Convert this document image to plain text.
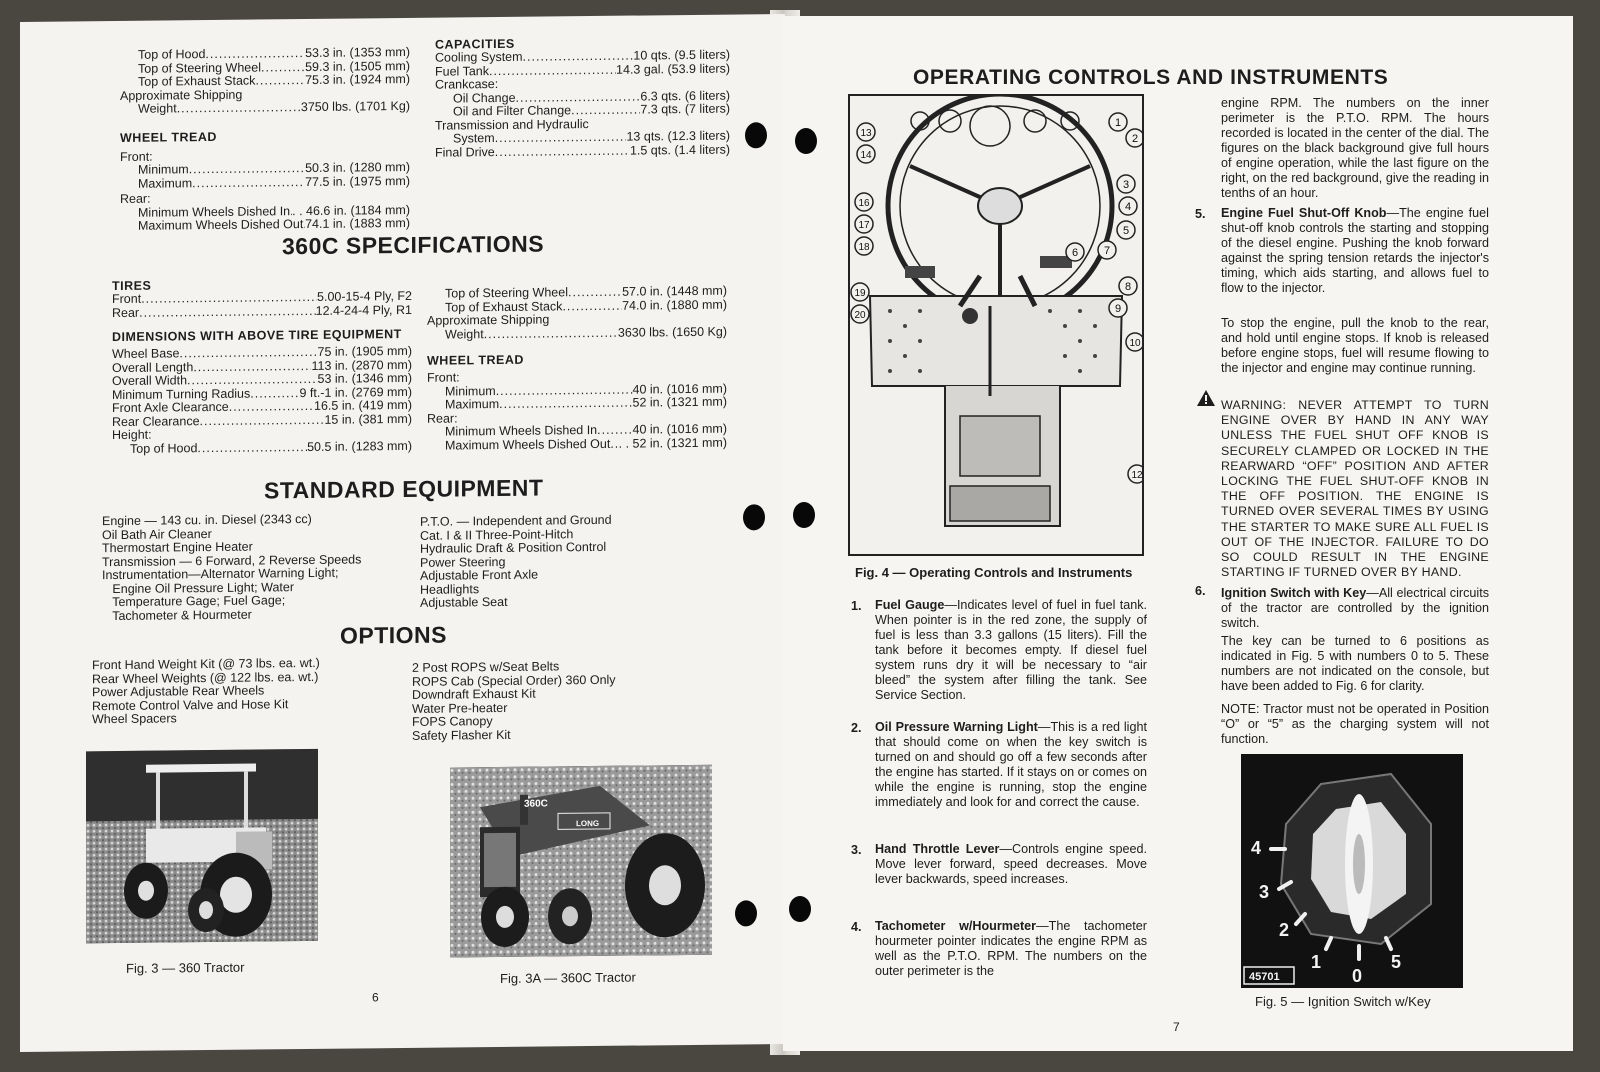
Top of Hood .....	53.3 in. (1353 mm)
Top of Steering Wheel .....	59.3 in. (1505 mm)
Top of Exhaust Stack .....	75.3 in. (1924 mm)
Approximate Shipping
Weight .....	3750 lbs. (1701 Kg)
WHEEL TREAD
Front:
Minimum .....	50.3 in. (1280 mm)
Maximum .....	77.5 in. (1975 mm)
Rear:
Minimum Wheels Dished In ..... . . 46.6 in. (1184 mm)
Maximum Wheels Dished Out ..... 74.1 in. (1883 mm)
CAPACITIES
Cooling System .....	10 qts. (9.5 liters)
Fuel Tank .....	14.3 gal. (53.9 liters)
Crankcase:
Oil Change .....	6.3 qts. (6 liters)
Oil and Filter Change .....	7.3 qts. (7 liters)
Transmission and Hydraulic
System .....	13 qts. (12.3 liters)
Final Drive .....	1.5 qts. (1.4 liters)
360C SPECIFICATIONS
TIRES
Front .....	5.00-15-4 Ply, F2
Rear .....	12.4-24-4 Ply, R1
DIMENSIONS WITH ABOVE TIRE EQUIPMENT
Wheel Base .....	75 in. (1905 mm)
Overall Length .....	113 in. (2870 mm)
Overall Width .....	53 in. (1346 mm)
Minimum Turning Radius .....	9 ft.-1 in. (2769 mm)
Front Axle Clearance .....	16.5 in. (419 mm)
Rear Clearance .....	15 in. (381 mm)
Height:
Top of Hood .....	50.5 in. (1283 mm)
Top of Steering Wheel .....	57.0 in. (1448 mm)
Top of Exhaust Stack .....	74.0 in. (1880 mm)
Approximate Shipping
Weight .....	3630 lbs. (1650 Kg)
WHEEL TREAD
Front:
Minimum .....	40 in. (1016 mm)
Maximum .....	52 in. (1321 mm)
Rear:
Minimum Wheels Dished In .....	40 in. (1016 mm)
Maximum Wheels Dished Out ..... . . 52 in. (1321 mm)
STANDARD EQUIPMENT
Engine — 143 cu. in. Diesel (2343 cc)
Oil Bath Air Cleaner
Thermostart Engine Heater
Transmission — 6 Forward, 2 Reverse Speeds
Instrumentation—Alternator Warning Light;
Engine Oil Pressure Light; Water
Temperature Gage; Fuel Gage;
Tachometer & Hourmeter
P.T.O. — Independent and Ground
Cat. I & II Three-Point-Hitch
Hydraulic Draft & Position Control
Power Steering
Adjustable Front Axle
Headlights
Adjustable Seat
OPTIONS
Front Hand Weight Kit (@ 73 lbs. ea. wt.)
Rear Wheel Weights (@ 122 lbs. ea. wt.)
Power Adjustable Rear Wheels
Remote Control Valve and Hose Kit
Wheel Spacers
2 Post ROPS w/Seat Belts
ROPS Cab (Special Order) 360 Only
Downdraft Exhaust Kit
Water Pre-heater
FOPS Canopy
Safety Flasher Kit
Fig. 3 — 360 Tractor
360C
LONG
Fig. 3A — 360C Tractor
6
OPERATING CONTROLS AND INSTRUMENTS
1
2
3
4
5
6 7
8
9
10
12
13
14
16
17
18
19
20
Fig. 4 — Operating Controls and Instruments
1. Fuel Gauge—Indicates level of fuel in fuel tank. When pointer is in the red zone, the supply of fuel is less than 3.3 gallons (15 liters). Fill the tank before it becomes empty. If diesel fuel system runs dry it will be necessary to “air bleed” the system after filling the tank. See Service Section.
2. Oil Pressure Warning Light—This is a red light that should come on when the key switch is turned on and should go off a few seconds after the engine has started. If it stays on or comes on while the engine is running, stop the engine immediately and look for and correct the cause.
3. Hand Throttle Lever—Controls engine speed. Move lever forward, speed decreases. Move lever backwards, speed increases.
4. Tachometer w/Hourmeter—The tachometer hourmeter pointer indicates the engine RPM as well as the P.T.O. RPM. The numbers on the outer perimeter is the
engine RPM. The numbers on the inner perimeter is the P.T.O. RPM. The hours recorded is located in the center of the dial. The figures on the black background give full hours of engine operation, while the last figure on the right, on the red background, give the reading in tenths of an hour.
5. Engine Fuel Shut-Off Knob—The engine fuel shut-off knob controls the starting and stopping of the diesel engine. Pushing the knob forward against the spring tension retards the injector's timing, which aids starting, and allows fuel to flow to the injector.
To stop the engine, pull the knob to the rear, and hold until engine stops. If knob is released before engine stops, fuel will resume flowing to the injector and engine may continue running.
WARNING: NEVER ATTEMPT TO TURN ENGINE OVER BY HAND IN ANY WAY UNLESS THE FUEL SHUT OFF KNOB IS SECURELY CLAMPED OR LOCKED IN THE REARWARD “OFF” POSITION AND AFTER LOCKING THE FUEL SHUT-OFF KNOB IN THE OFF POSITION. THE ENGINE IS TURNED OVER SEVERAL TIMES BY USING THE STARTER TO MAKE SURE ALL FUEL IS OUT OF THE INJECTOR. FAILURE TO DO SO COULD RESULT IN THE ENGINE STARTING IF TURNED OVER BY HAND.
6. Ignition Switch with Key—All electrical circuits of the tractor are controlled by the ignition switch.
The key can be turned to 6 positions as indicated in Fig. 5 with numbers 0 to 5. These numbers are not indicated on the console, but have been added to Fig. 6 for clarity.
NOTE: Tractor must not be operated in Position “O” or “5” as the charging system will not function.
4
3
2
1
0
5
45701
Fig. 5 — Ignition Switch w/Key
7
